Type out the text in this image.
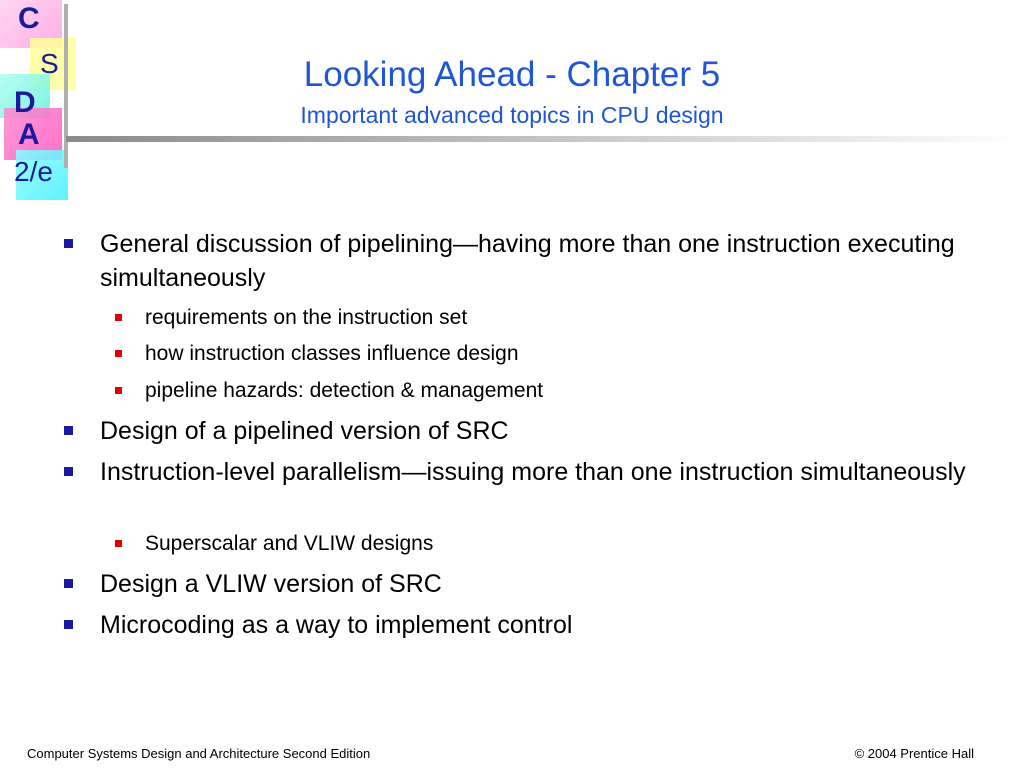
C
S
D
A
2/e
Looking Ahead - Chapter 5
Important advanced topics in CPU design
General discussion of pipelining—having more than one instruction executing simultaneously
requirements on the instruction set
how instruction classes influence design
pipeline hazards: detection & management
Design of a pipelined version of SRC
Instruction-level parallelism—issuing more than one instruction simultaneously
Superscalar and VLIW designs
Design a VLIW version of SRC
Microcoding as a way to implement control
Computer Systems Design and Architecture Second Edition	© 2004 Prentice Hall
